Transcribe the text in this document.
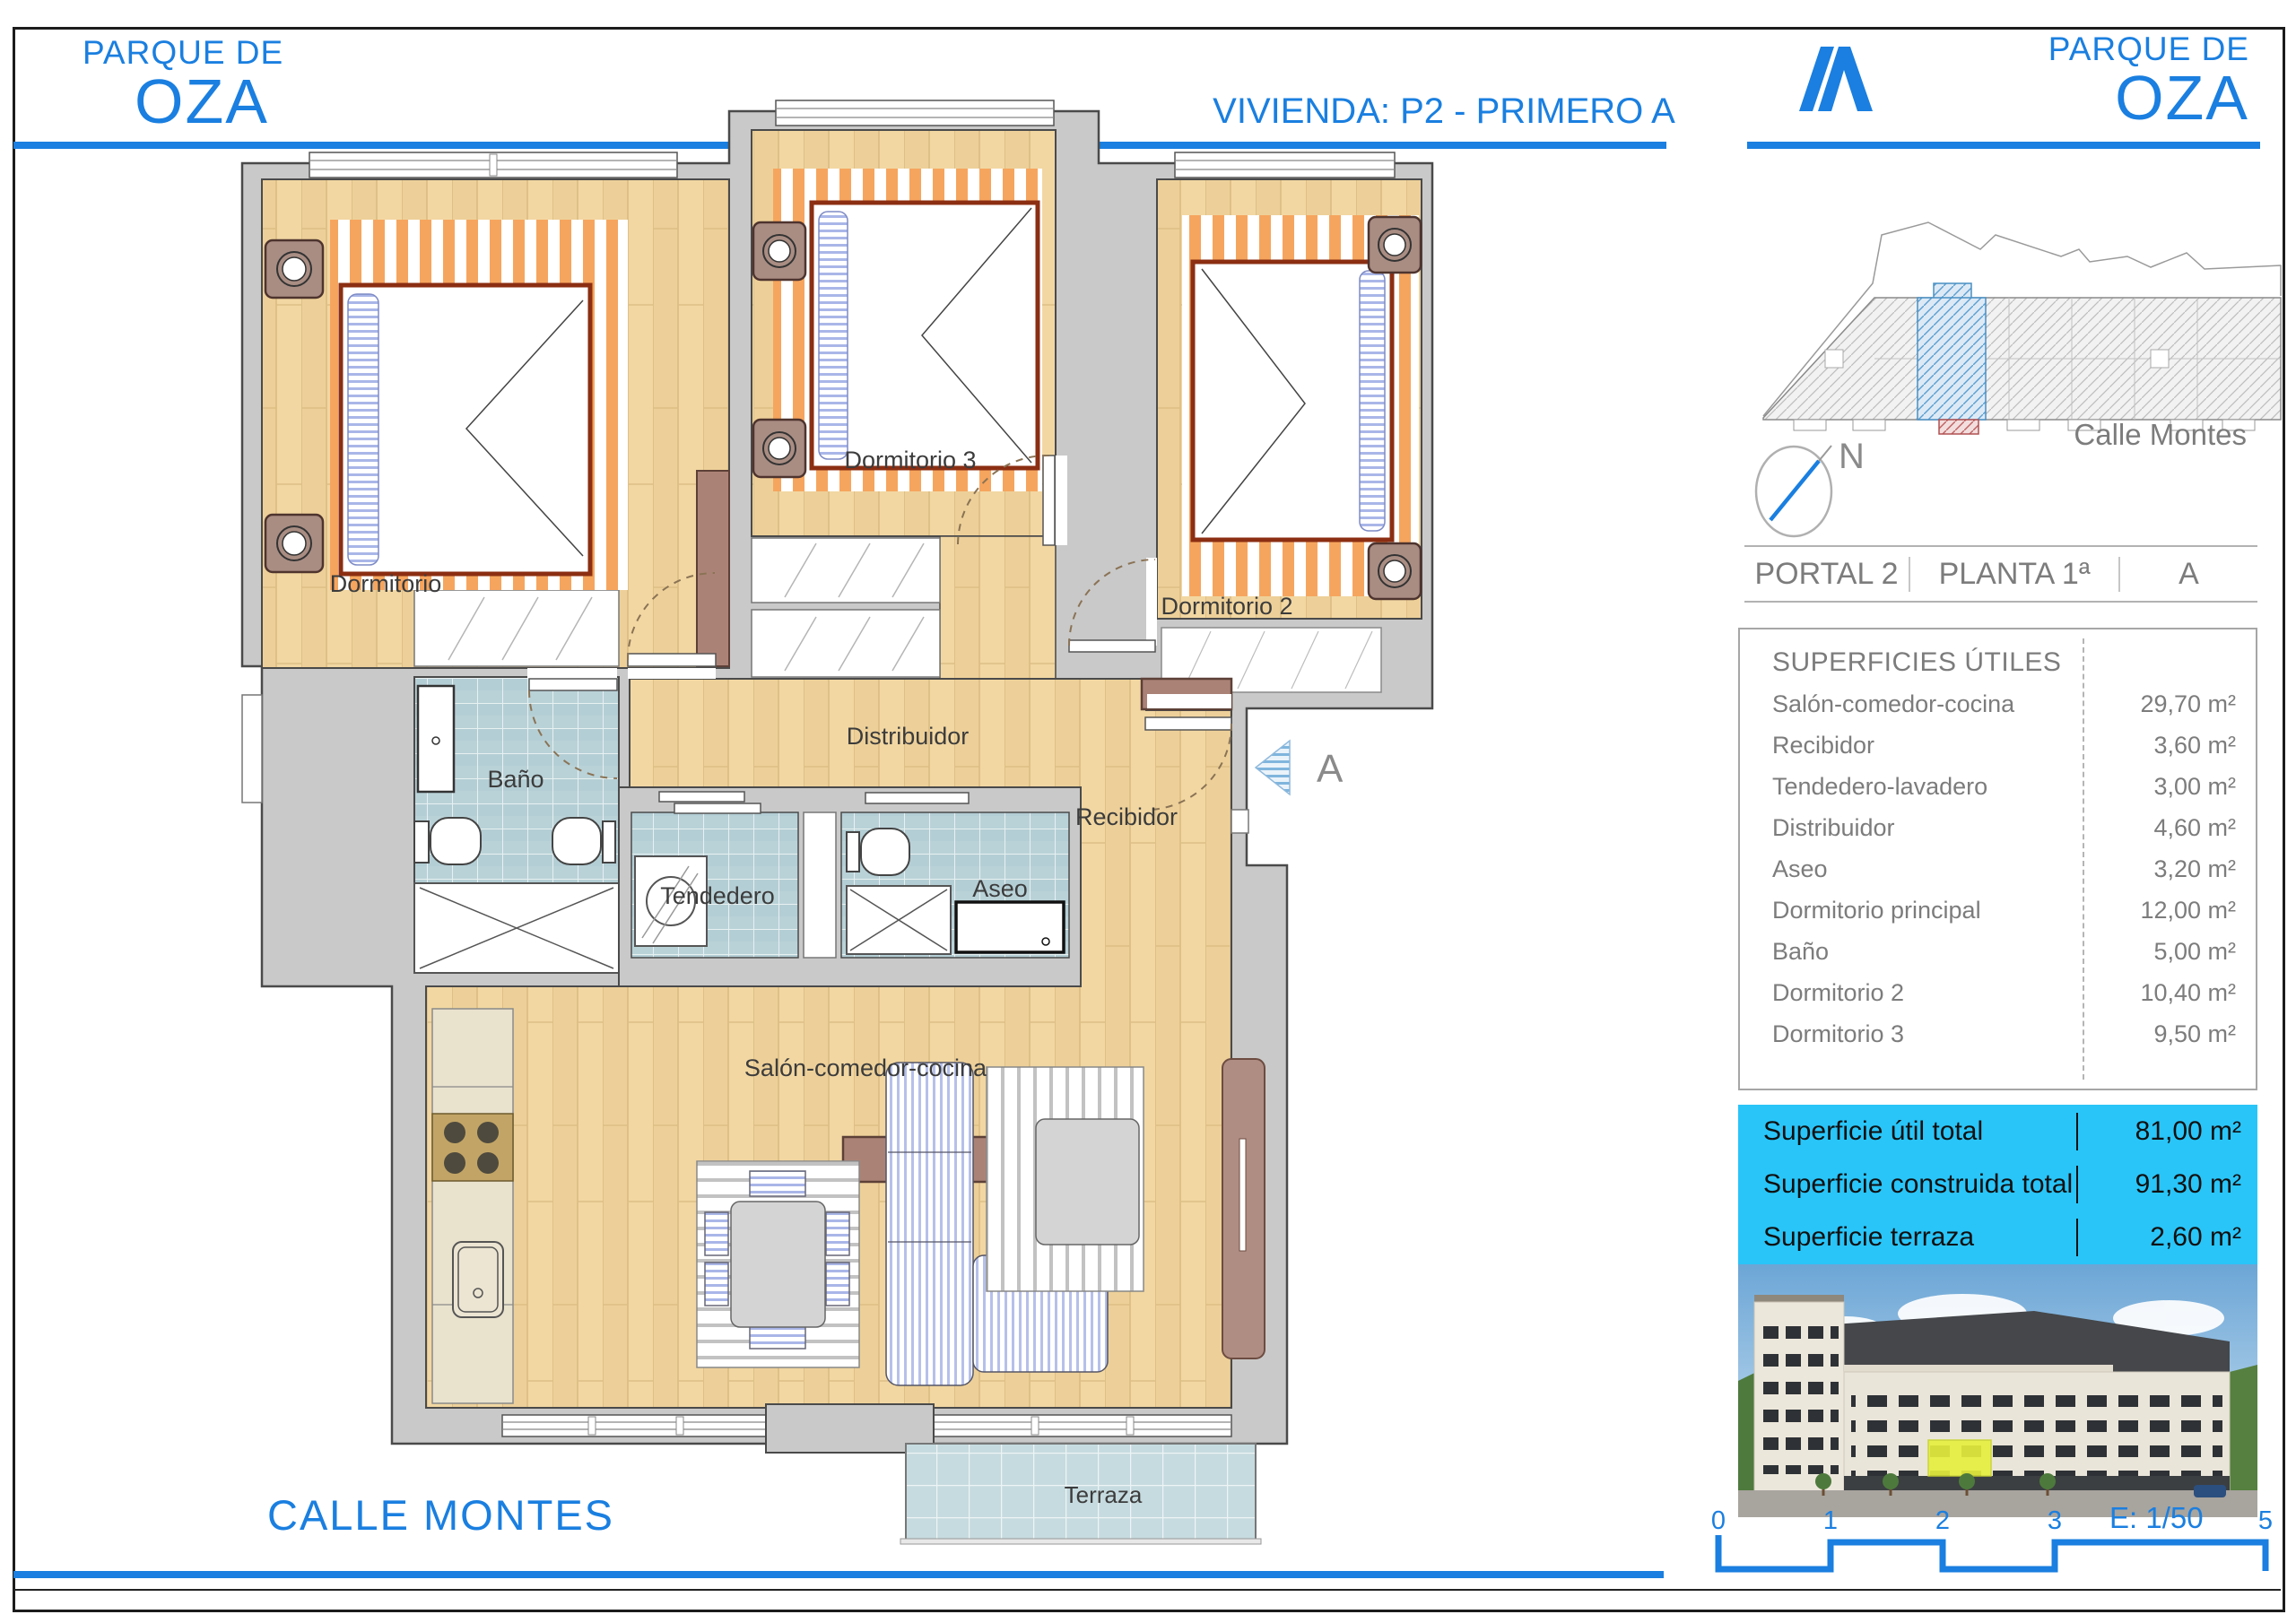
PARQUE DE
OZA	VIVIENDA: P2 - PRIMERO A
PARQUE DE
OZA
Dormitorio
Dormitorio 3
Dormitorio 2
Baño
Distribuidor
Tendedero	Aseo
Recibidor
Salón-comedor-cocina
Terraza
A
N
Calle Montes
PORTAL 2	PLANTA 1ª	A
SUPERFICIES ÚTILES
Salón-comedor-cocina	29,70 m²
Recibidor	3,60 m²
Tendedero-lavadero	3,00 m²
Distribuidor	4,60 m²
Aseo	3,20 m²
Dormitorio principal	12,00 m²
Baño	5,00 m²
Dormitorio 2	10,40 m²
Dormitorio 3	9,50 m²
Superficie útil total	81,00 m²
Superficie construida total	91,30 m²
Superficie terraza	2,60 m²
CALLE MONTES	0	1	2	3	5
E: 1/50
